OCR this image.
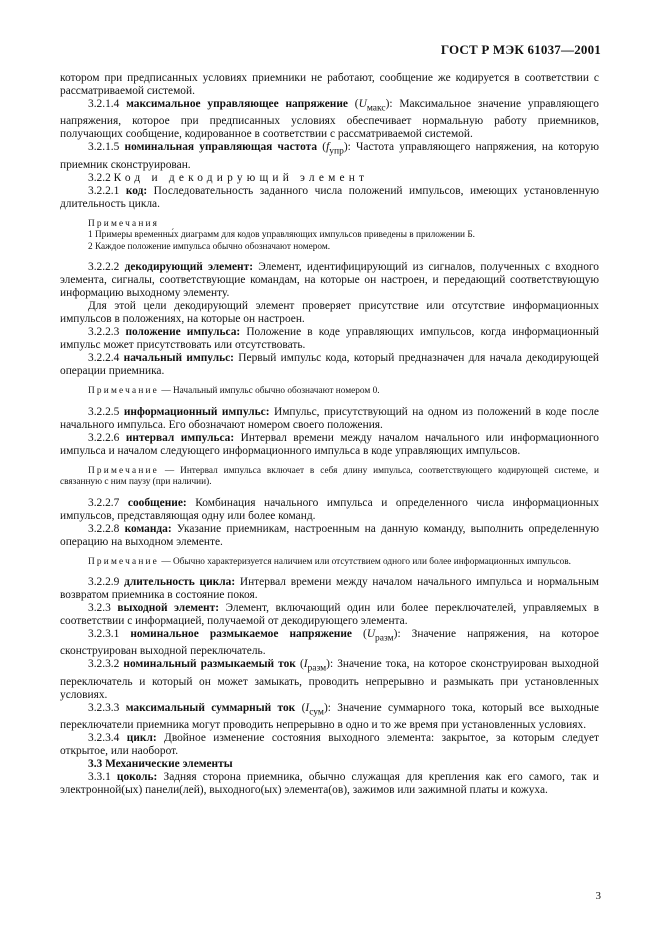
ГОСТ Р МЭК 61037—2001

котором при предписанных условиях приемники не работают, сообщение же кодируется в соответствии с рассматриваемой системой.

3.2.1.4 максимальное управляющее напряжение $(U_{макс})$: Максимальное значение управляющего напряжения, которое при предписанных условиях обеспечивает нормальную работу приемников, получающих сообщение, кодированное в соответствии с рассматриваемой системой.

3.2.1.5 номинальная управляющая частота $(f_{упр})$: Частота управляющего напряжения, на которую приемник сконструирован.

3.2.2 Код и декодирующий элемент

3.2.2.1 код: Последовательность заданного числа положений импульсов, имеющих установленную длительность цикла.

Примечания

1 Примеры временны́х диаграмм для кодов управляющих импульсов приведены в приложении Б.

2 Каждое положение импульса обычно обозначают номером.

3.2.2.2 декодирующий элемент: Элемент, идентифицирующий из сигналов, полученных с входного элемента, сигналы, соответствующие командам, на которые он настроен, и передающий соответствующую информацию выходному элементу.

Для этой цели декодирующий элемент проверяет присутствие или отсутствие информационных импульсов в положениях, на которые он настроен.

3.2.2.3 положение импульса: Положение в коде управляющих импульсов, когда информационный импульс может присутствовать или отсутствовать.

3.2.2.4 начальный импульс: Первый импульс кода, который предназначен для начала декодирующей операции приемника.

Примечание — Начальный импульс обычно обозначают номером 0.

3.2.2.5 информационный импульс: Импульс, присутствующий на одном из положений в коде после начального импульса. Его обозначают номером своего положения.

3.2.2.6 интервал импульса: Интервал времени между началом начального или информационного импульса и началом следующего информационного импульса в коде управляющих импульсов.

Примечание — Интервал импульса включает в себя длину импульса, соответствующего кодирующей системе, и связанную с ним паузу (при наличии).

3.2.2.7 сообщение: Комбинация начального импульса и определенного числа информационных импульсов, представляющая одну или более команд.

3.2.2.8 команда: Указание приемникам, настроенным на данную команду, выполнить определенную операцию на выходном элементе.

Примечание — Обычно характеризуется наличием или отсутствием одного или более информационных импульсов.

3.2.2.9 длительность цикла: Интервал времени между началом начального импульса и нормальным возвратом приемника в состояние покоя.

3.2.3 выходной элемент: Элемент, включающий один или более переключателей, управляемых в соответствии с информацией, получаемой от декодирующего элемента.

3.2.3.1 номинальное размыкаемое напряжение $(U_{разм})$: Значение напряжения, на которое сконструирован выходной переключатель.

3.2.3.2 номинальный размыкаемый ток $(I_{разм})$: Значение тока, на которое сконструирован выходной переключатель и который он может замыкать, проводить непрерывно и размыкать при установленных условиях.

3.2.3.3 максимальный суммарный ток $(I_{сум})$: Значение суммарного тока, который все выходные переключатели приемника могут проводить непрерывно в одно и то же время при установленных условиях.

3.2.3.4 цикл: Двойное изменение состояния выходного элемента: закрытое, за которым следует открытое, или наоборот.

3.3 Механические элементы

3.3.1 цоколь: Задняя сторона приемника, обычно служащая для крепления как его самого, так и электронной(ых) панели(лей), выходного(ых) элемента(ов), зажимов или зажимной платы и кожуха.

3
